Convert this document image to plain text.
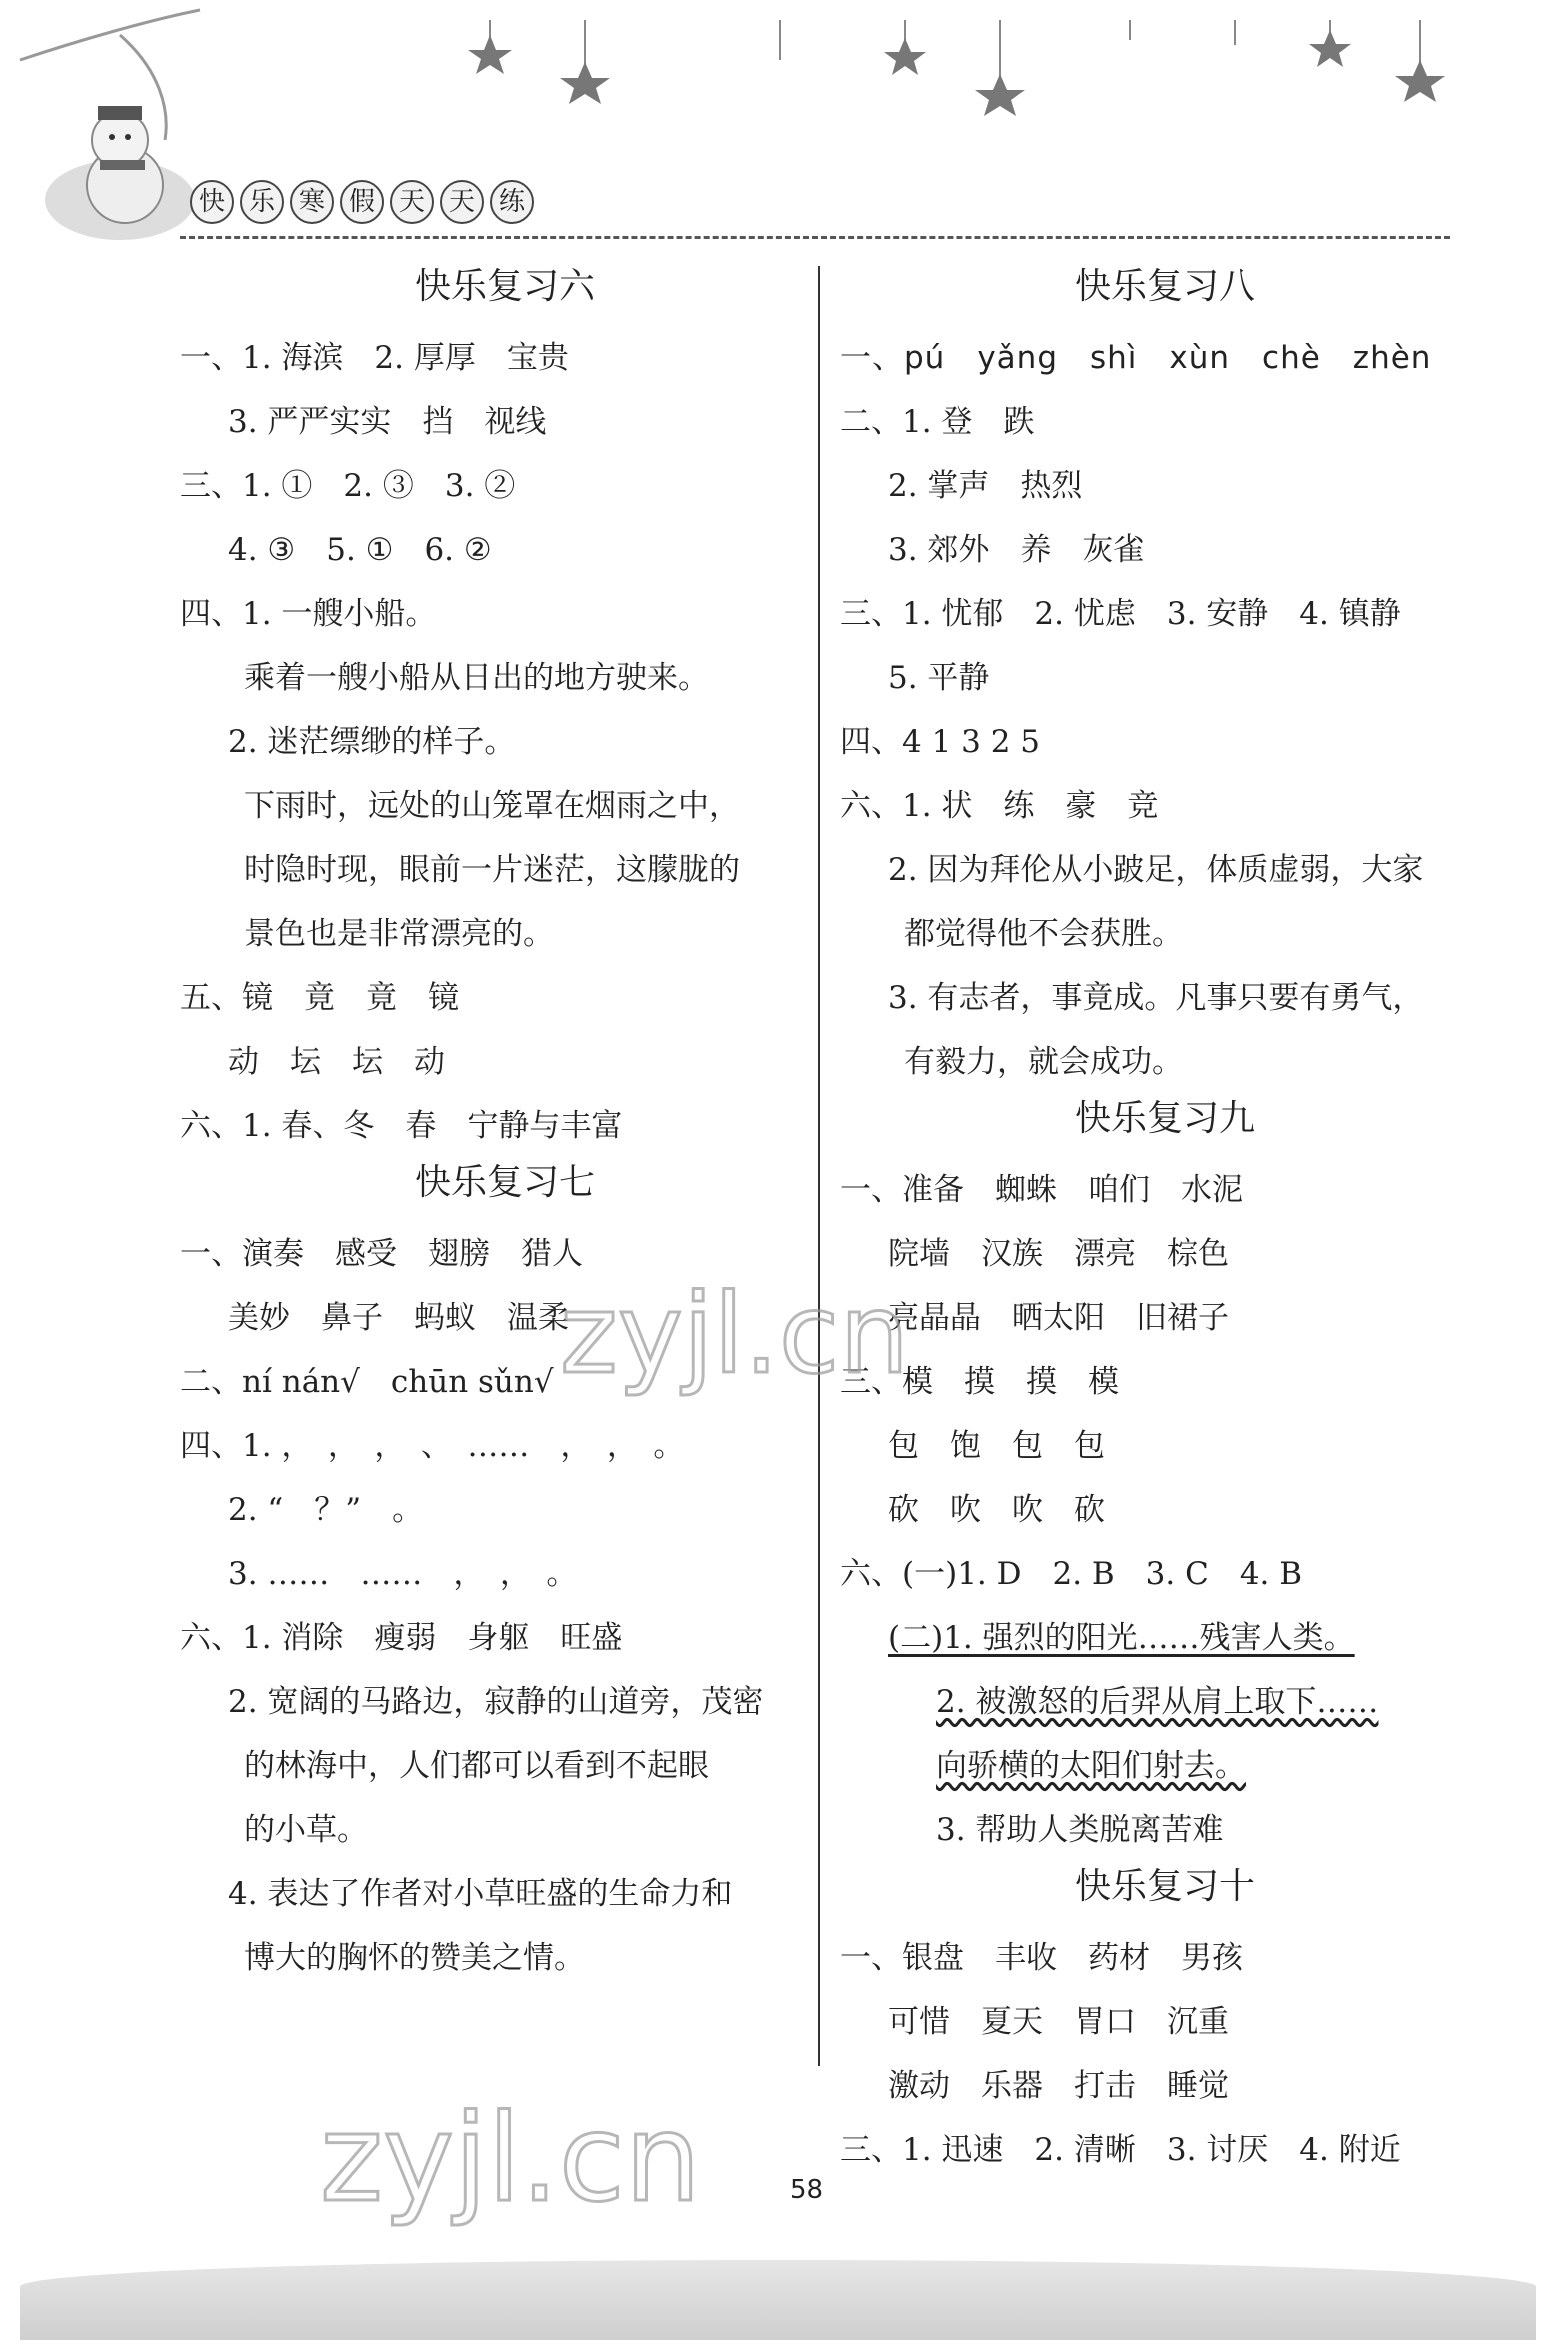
快 乐 寒 假 天 天 练
快乐复习六
一、1. 海滨　2. 厚厚　宝贵
3. 严严实实　挡　视线
三、1. ①　2. ③　3. ②
4. ③　5. ①　6. ②
四、1. 一艘小船。
乘着一艘小船从日出的地方驶来。
2. 迷茫缥缈的样子。
下雨时，远处的山笼罩在烟雨之中，
时隐时现，眼前一片迷茫，这朦胧的
景色也是非常漂亮的。
五、镜　竟　竟　镜
动　坛　坛　动
六、1. 春、冬　春　宁静与丰富
快乐复习七
一、演奏　感受　翅膀　猎人
美妙　鼻子　蚂蚁　温柔
二、ní nán√　chūn sǔn√
四、1. ，　，　，　、　……　，　，　。
2. “　？”　。
3. ……　……　，　，　。
六、1. 消除　瘦弱　身躯　旺盛
2. 宽阔的马路边，寂静的山道旁，茂密
的林海中，人们都可以看到不起眼
的小草。
4. 表达了作者对小草旺盛的生命力和
博大的胸怀的赞美之情。
快乐复习八
一、pú　yǎng　shì　xùn　chè　zhèn
二、1. 登　跌
2. 掌声　热烈
3. 郊外　养　灰雀
三、1. 忧郁　2. 忧虑　3. 安静　4. 镇静
5. 平静
四、4 1 3 2 5
六、1. 状　练　豪　竞
2. 因为拜伦从小跛足，体质虚弱，大家
都觉得他不会获胜。
3. 有志者，事竟成。凡事只要有勇气，
有毅力，就会成功。
快乐复习九
一、准备　蜘蛛　咱们　水泥
院墙　汉族　漂亮　棕色
亮晶晶　晒太阳　旧裙子
三、模　摸　摸　模
包　饱　包　包
砍　吹　吹　砍
六、(一)1. D　2. B　3. C　4. B
(二)1. 强烈的阳光……残害人类。
2. 被激怒的后羿从肩上取下……
向骄横的太阳们射去。
3. 帮助人类脱离苦难
快乐复习十
一、银盘　丰收　药材　男孩
可惜　夏天　胃口　沉重
激动　乐器　打击　睡觉
三、1. 迅速　2. 清晰　3. 讨厌　4. 附近
zyjl.cn
zyjl.cn	58
